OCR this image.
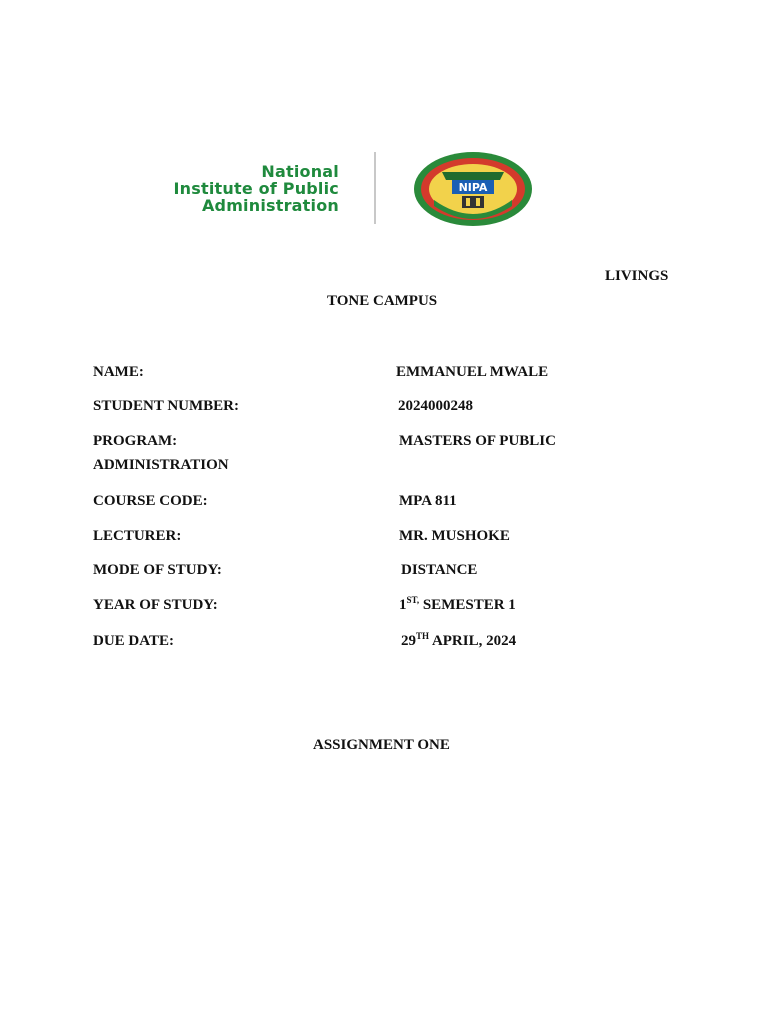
National
Institute of Public
Administration
NIPA
LIVINGS
TONE CAMPUS
NAME:	EMMANUEL MWALE
STUDENT NUMBER:	2024000248
PROGRAM:	MASTERS OF PUBLIC
ADMINISTRATION
COURSE CODE:	MPA 811
LECTURER:	MR. MUSHOKE
MODE OF STUDY:	DISTANCE
YEAR OF STUDY:	$1^{ST,}$ SEMESTER 1
DUE DATE:	29TH APRIL, 2024
ASSIGNMENT ONE
